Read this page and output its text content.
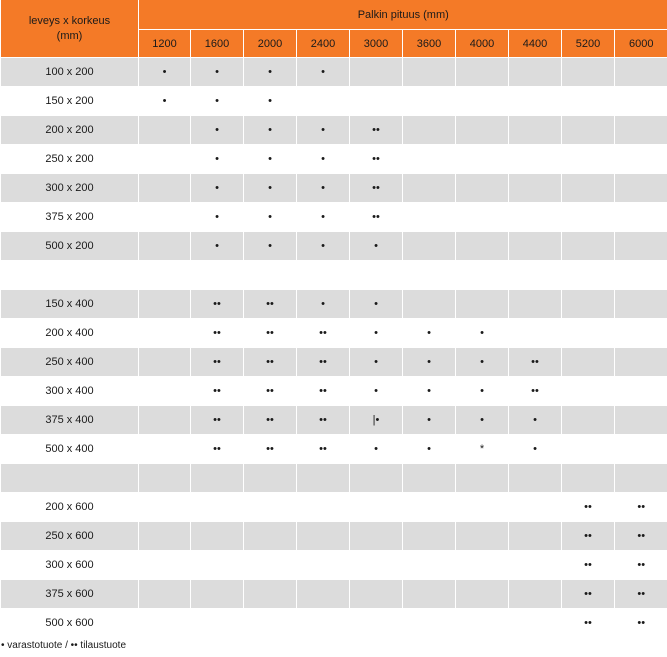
leveys x korkeus
(mm)	Palkin pituus (mm)									
	1200	1600	2000	2400	3000	3600	4000	4400	5200	6000
100 x 200	•	•	•	•						
150 x 200	•	•	•							
200 x 200		•	•	•	••					
250 x 200		•	•	•	••					
300 x 200		•	•	•	••					
375 x 200		•	•	•	••					
500 x 200		•	•	•	•					

150 x 400		••	••	•	•					
200 x 400		••	••	••	•	•	•			
250 x 400		••	••	••	•	•	•	••		
300 x 400		••	••	••	•	•	•	••		
375 x 400		••	••	••	|•	•	•	•		
500 x 400		••	••	••	•	•	*	•		

200 x 600									••	••
250 x 600									••	••
300 x 600									••	••
375 x 600									••	••
500 x 600									••	••
• varastotuote / •• tilaustuote
